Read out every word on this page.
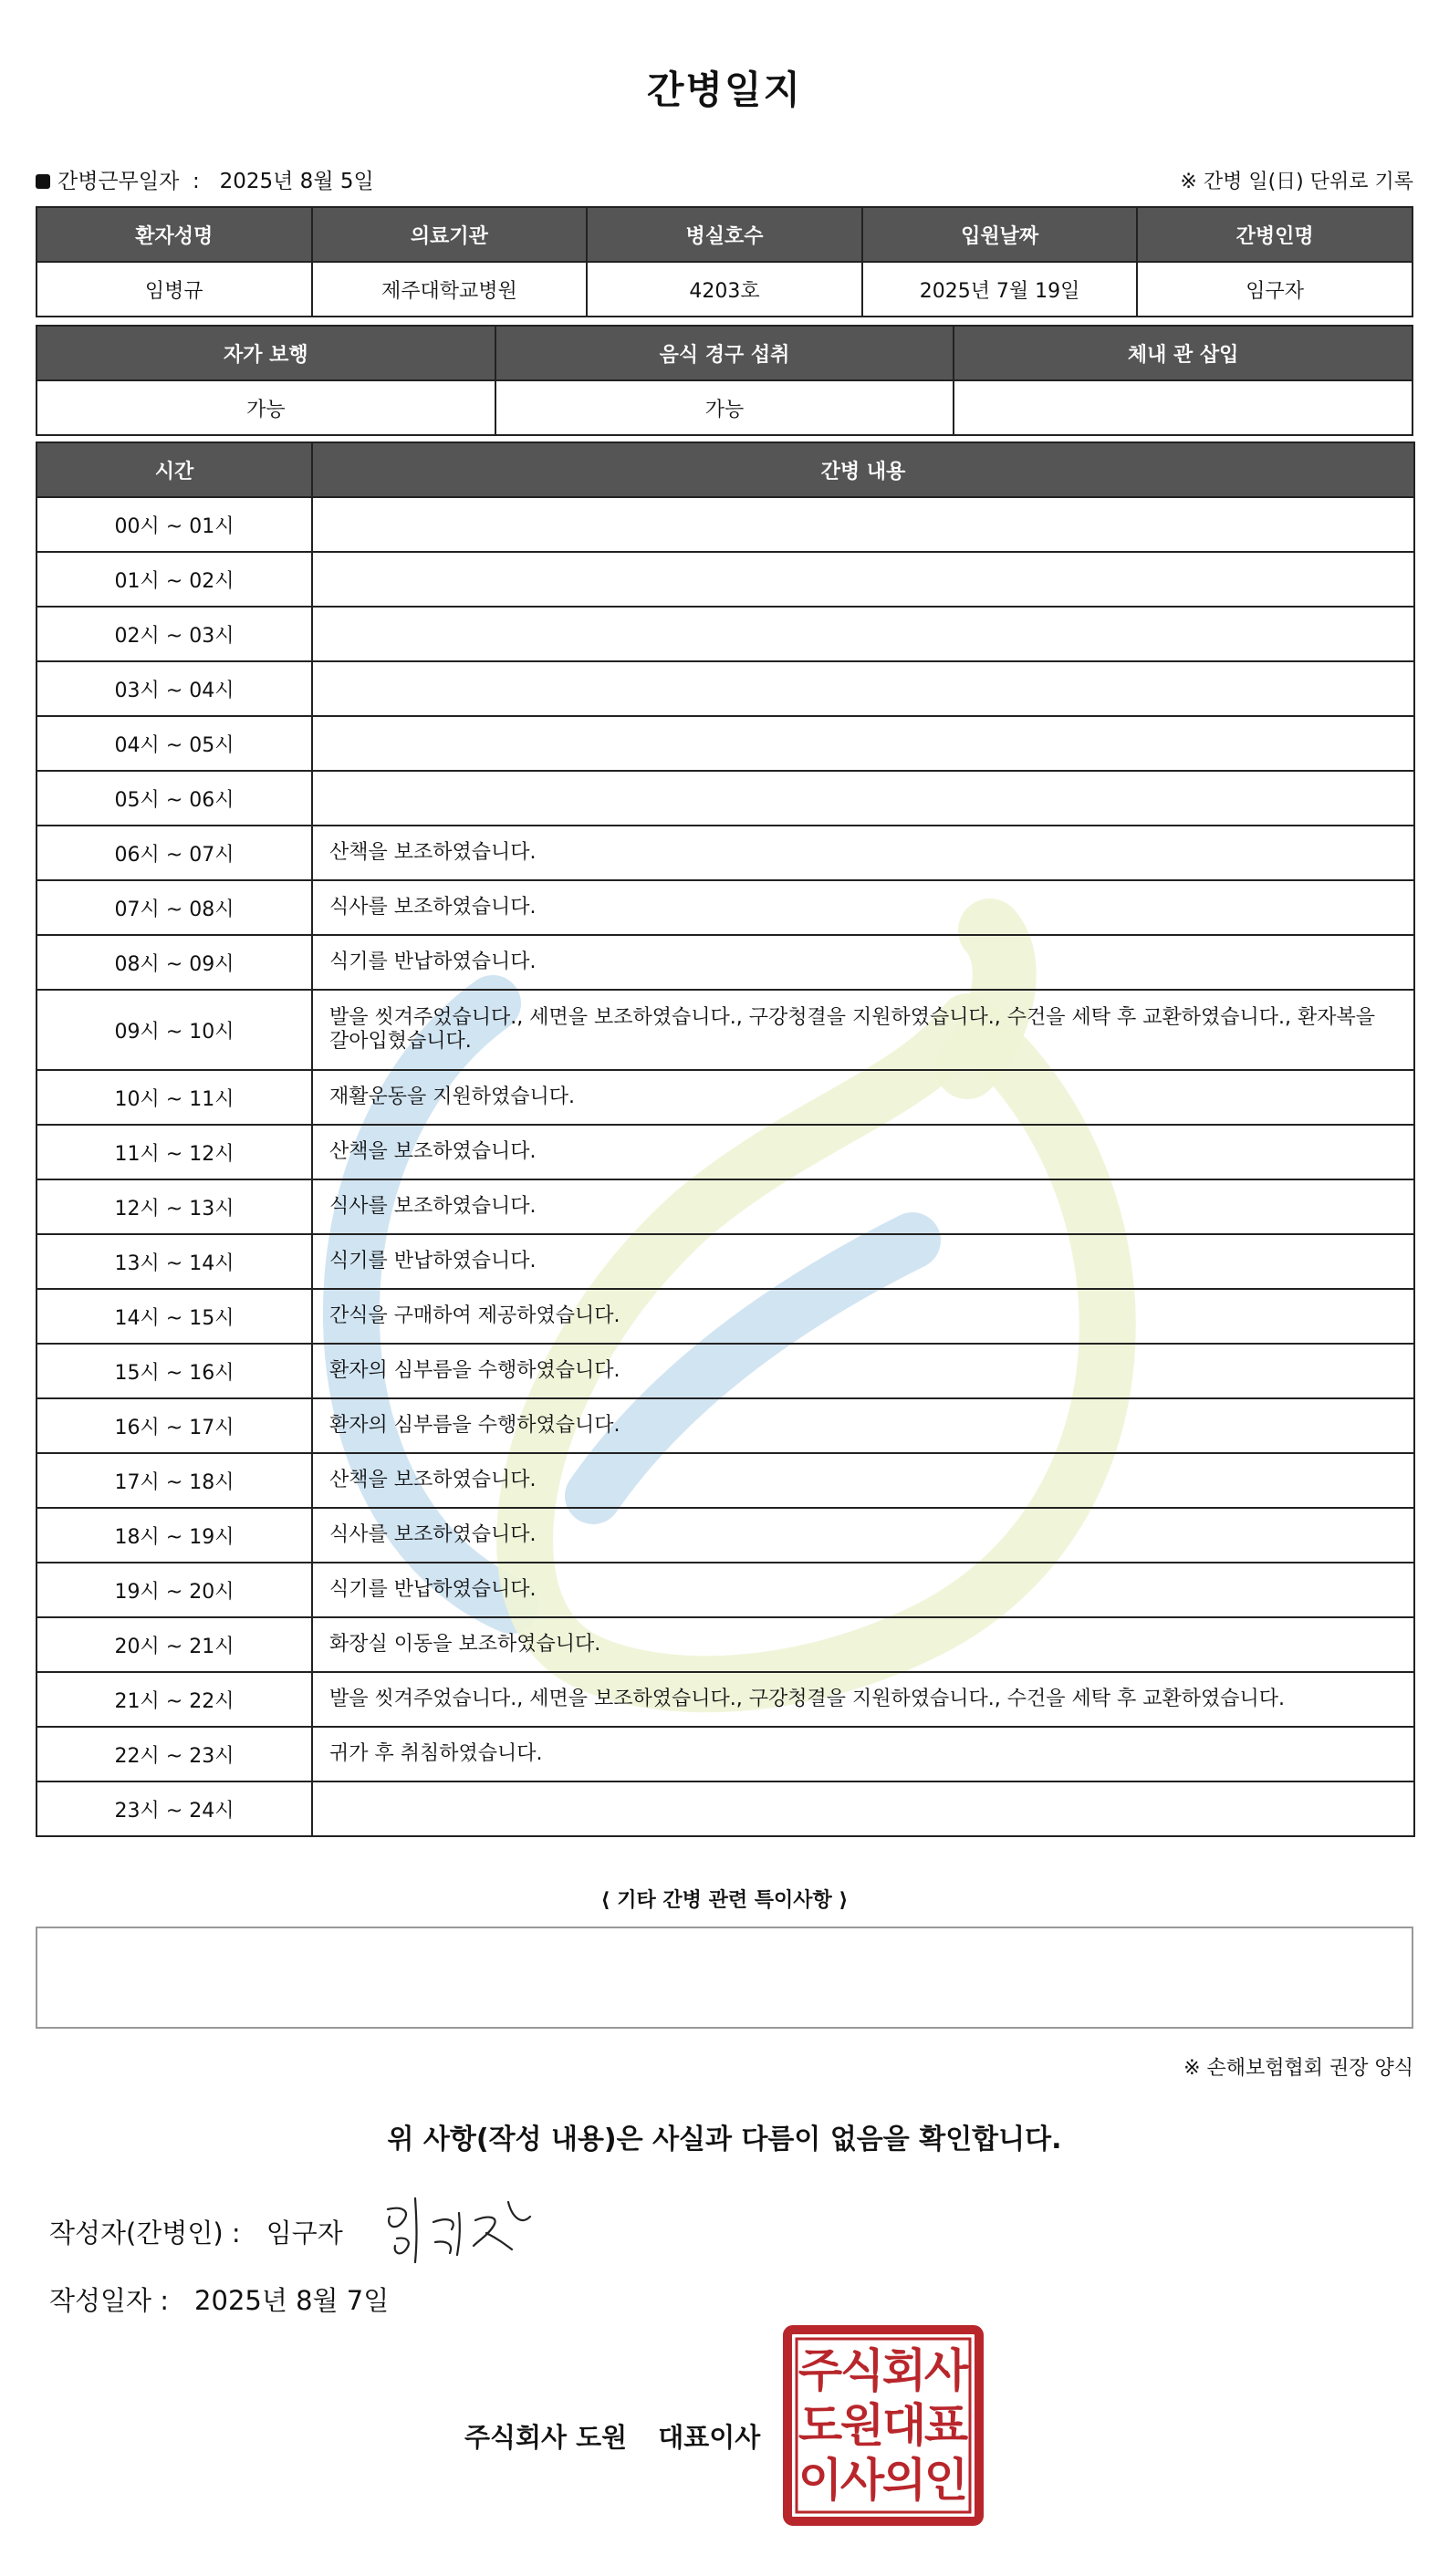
간병일지
간병근무일자 : 2025년 8월 5일	※ 간병 일(日) 단위로 기록
환자성명	의료기관	병실호수	입원날짜	간병인명
임병규	제주대학교병원	4203호	2025년 7월 19일	임구자
자가 보행	음식 경구 섭취	체내 관 삽입
가능	가능	
시간	간병 내용
00시 ~ 01시	
01시 ~ 02시	
02시 ~ 03시	
03시 ~ 04시	
04시 ~ 05시	
05시 ~ 06시	
06시 ~ 07시	산책을 보조하였습니다.
07시 ~ 08시	식사를 보조하였습니다.
08시 ~ 09시	식기를 반납하였습니다.
09시 ~ 10시	발을 씻겨주었습니다., 세면을 보조하였습니다., 구강청결을 지원하였습니다., 수건을 세탁 후 교환하였습니다., 환자복을 갈아입혔습니다.
10시 ~ 11시	재활운동을 지원하였습니다.
11시 ~ 12시	산책을 보조하였습니다.
12시 ~ 13시	식사를 보조하였습니다.
13시 ~ 14시	식기를 반납하였습니다.
14시 ~ 15시	간식을 구매하여 제공하였습니다.
15시 ~ 16시	환자의 심부름을 수행하였습니다.
16시 ~ 17시	환자의 심부름을 수행하였습니다.
17시 ~ 18시	산책을 보조하였습니다.
18시 ~ 19시	식사를 보조하였습니다.
19시 ~ 20시	식기를 반납하였습니다.
20시 ~ 21시	화장실 이동을 보조하였습니다.
21시 ~ 22시	발을 씻겨주었습니다., 세면을 보조하였습니다., 구강청결을 지원하였습니다., 수건을 세탁 후 교환하였습니다.
22시 ~ 23시	귀가 후 취침하였습니다.
23시 ~ 24시	
⟨ 기타 간병 관련 특이사항 ⟩
※ 손해보험협회 권장 양식
위 사항(작성 내용)은 사실과 다름이 없음을 확인합니다.
작성자(간병인) : 임구자
작성일자 : 2025년 8월 7일
주식회사 도원 대표이사
주
식
회
사
도
원
대
표
이
사
의
인
